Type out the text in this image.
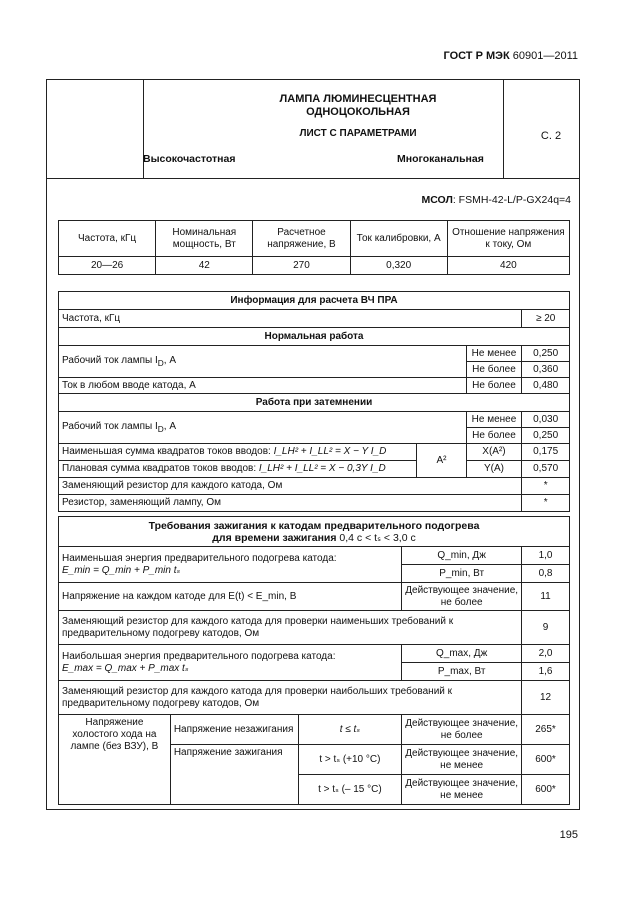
ГОСТ Р МЭК 60901—2011
ЛАМПА ЛЮМИНЕСЦЕНТНАЯ
ОДНОЦОКОЛЬНАЯ
ЛИСТ С ПАРАМЕТРАМИ	С. 2
Высокочастотная	Многоканальная
МСОЛ: FSMH-42-L/P-GX24q=4
Частота, кГц	Номинальная мощность, Вт	Расчетное напряжение, В	Ток калибровки, А	Отношение напряжения к току, Ом
20—26	42	270	0,320	420
Информация для расчета ВЧ ПРА			
Частота, кГц			≥ 20
Нормальная работа			
Рабочий ток лампы $I_D$, А		Не менее	0,250
		Не более	0,360
Ток в любом вводе катода, А		Не более	0,480
Работа при затемнении			
Рабочий ток лампы $I_D$, А		Не менее	0,030
		Не более	0,250
Наименьшая сумма квадратов токов вводов: I_LH² + I_LL² = X − Y I_D	А²	X(А²)	0,175
Плановая сумма квадратов токов вводов: I_LH² + I_LL² = X − 0,3Y I_D		Y(А)	0,570
Заменяющий резистор для каждого катода, Ом			*
Резистор, заменяющий лампу, Ом			*
Требования зажигания к катодам предварительного подогрева
для времени зажигания 0,4 с < tₛ < 3,0 с				

Наименьшая энергия предварительного подогрева катода:
E_min = Q_min + P_min tₛ			Q_min, Дж	1,0
			P_min, Вт	0,8
Напряжение на каждом катоде для E(t) < E_min, В			Действующее значение, не более	11
Заменяющий резистор для каждого катода для проверки наименьших требований к предварительному подогреву катодов, Ом				9

Наибольшая энергия предварительного подогрева катода:
E_max = Q_max + P_max tₛ			Q_max, Дж	2,0
			P_max, Вт	1,6
Заменяющий резистор для каждого катода для проверки наибольших требований к предварительному подогреву катодов, Ом				12
Напряжение холостого хода на лампе (без ВЗУ), В	Напряжение незажигания	t ≤ tₛ	Действующее значение, не более	265*
	Напряжение зажигания	t > tₛ (+10 °С)	Действующее значение, не менее	600*
		t > tₛ (– 15 °С)	Действующее значение, не менее	600*
195
